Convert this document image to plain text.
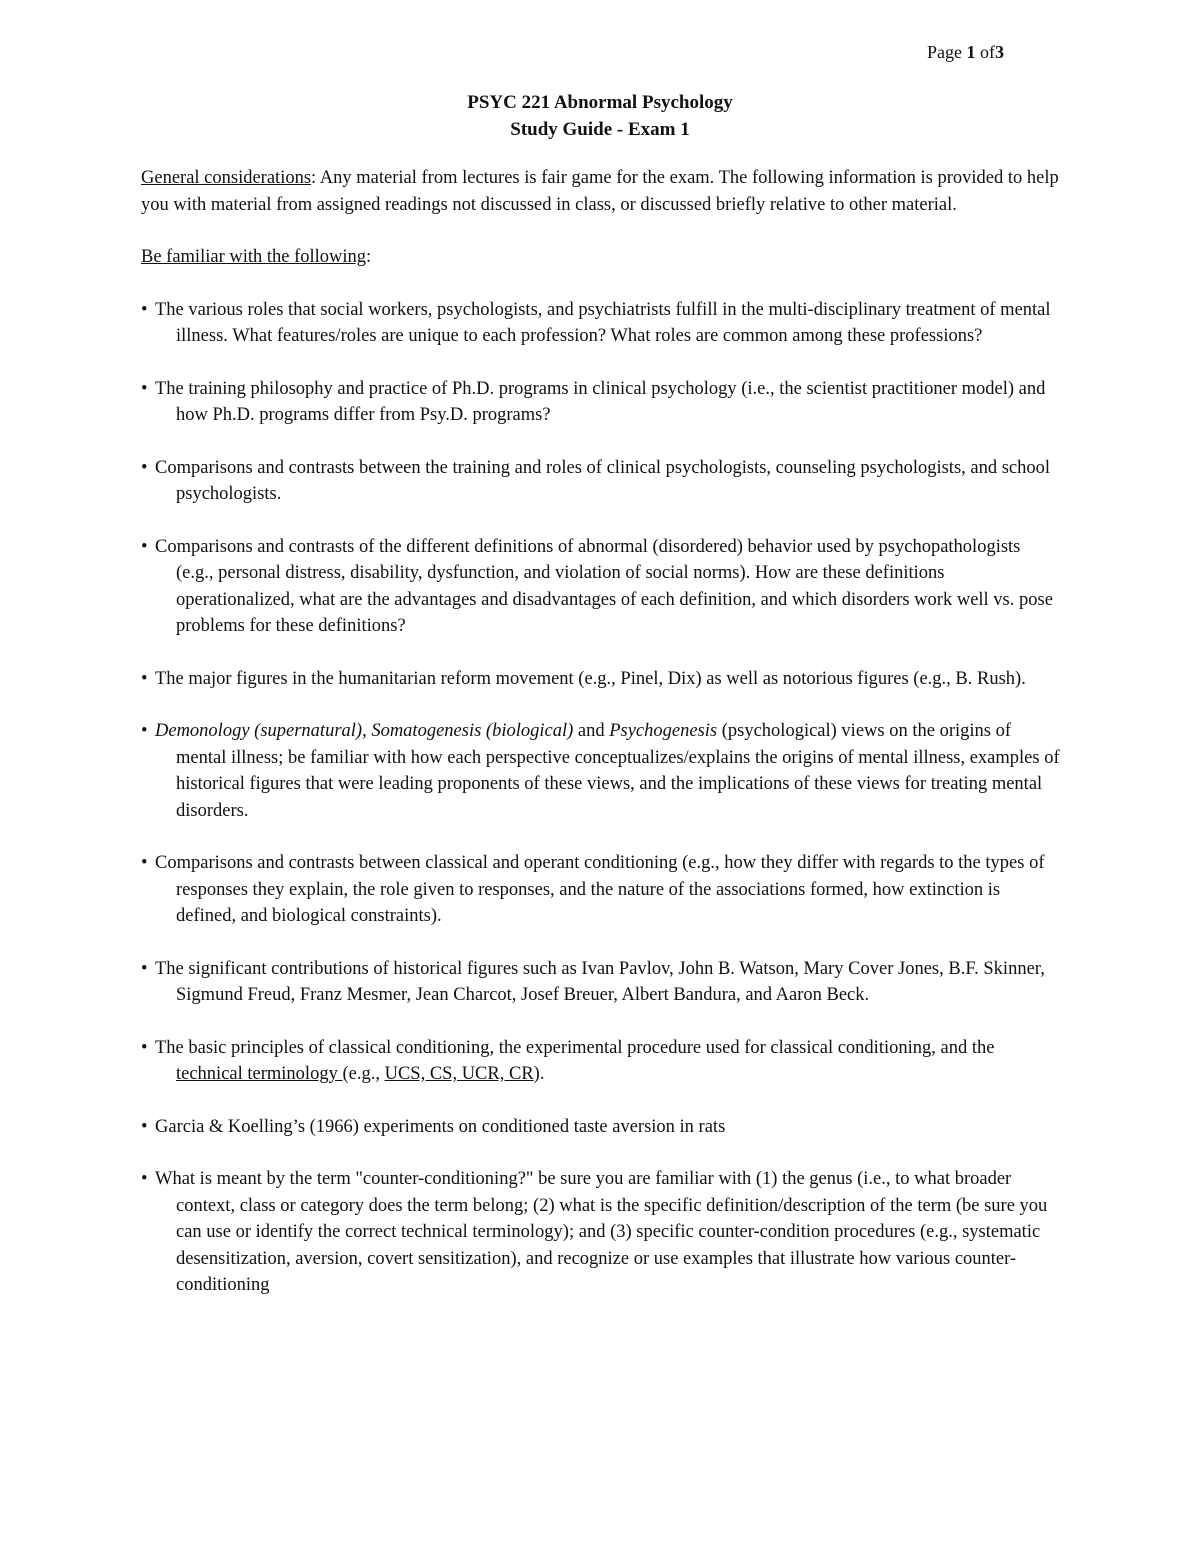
Page 1 of3
PSYC 221 Abnormal Psychology
Study Guide - Exam 1

General considerations: Any material from lectures is fair game for the exam. The following information is provided to help you with material from assigned readings not discussed in class, or discussed briefly relative to other material.

Be familiar with the following:

• The various roles that social workers, psychologists, and psychiatrists fulfill in the multi-disciplinary treatment of mental illness. What features/roles are unique to each profession? What roles are common among these professions?
• The training philosophy and practice of Ph.D. programs in clinical psychology (i.e., the scientist practitioner model) and how Ph.D. programs differ from Psy.D. programs?
• Comparisons and contrasts between the training and roles of clinical psychologists, counseling psychologists, and school psychologists.
• Comparisons and contrasts of the different definitions of abnormal (disordered) behavior used by psychopathologists (e.g., personal distress, disability, dysfunction, and violation of social norms). How are these definitions operationalized, what are the advantages and disadvantages of each definition, and which disorders work well vs. pose problems for these definitions?
• The major figures in the humanitarian reform movement (e.g., Pinel, Dix) as well as notorious figures (e.g., B. Rush).
• Demonology (supernatural), Somatogenesis (biological) and Psychogenesis (psychological) views on the origins of mental illness; be familiar with how each perspective conceptualizes/explains the origins of mental illness, examples of historical figures that were leading proponents of these views, and the implications of these views for treating mental disorders.
• Comparisons and contrasts between classical and operant conditioning (e.g., how they differ with regards to the types of responses they explain, the role given to responses, and the nature of the associations formed, how extinction is defined, and biological constraints).
• The significant contributions of historical figures such as Ivan Pavlov, John B. Watson, Mary Cover Jones, B.F. Skinner, Sigmund Freud, Franz Mesmer, Jean Charcot, Josef Breuer, Albert Bandura, and Aaron Beck.
• The basic principles of classical conditioning, the experimental procedure used for classical conditioning, and the technical terminology (e.g., UCS, CS, UCR, CR).
• Garcia & Koelling’s (1966) experiments on conditioned taste aversion in rats
• What is meant by the term "counter-conditioning?" be sure you are familiar with (1) the genus (i.e., to what broader context, class or category does the term belong; (2) what is the specific definition/description of the term (be sure you can use or identify the correct technical terminology); and (3) specific counter-condition procedures (e.g., systematic desensitization, aversion, covert sensitization), and recognize or use examples that illustrate how various counter-conditioning
